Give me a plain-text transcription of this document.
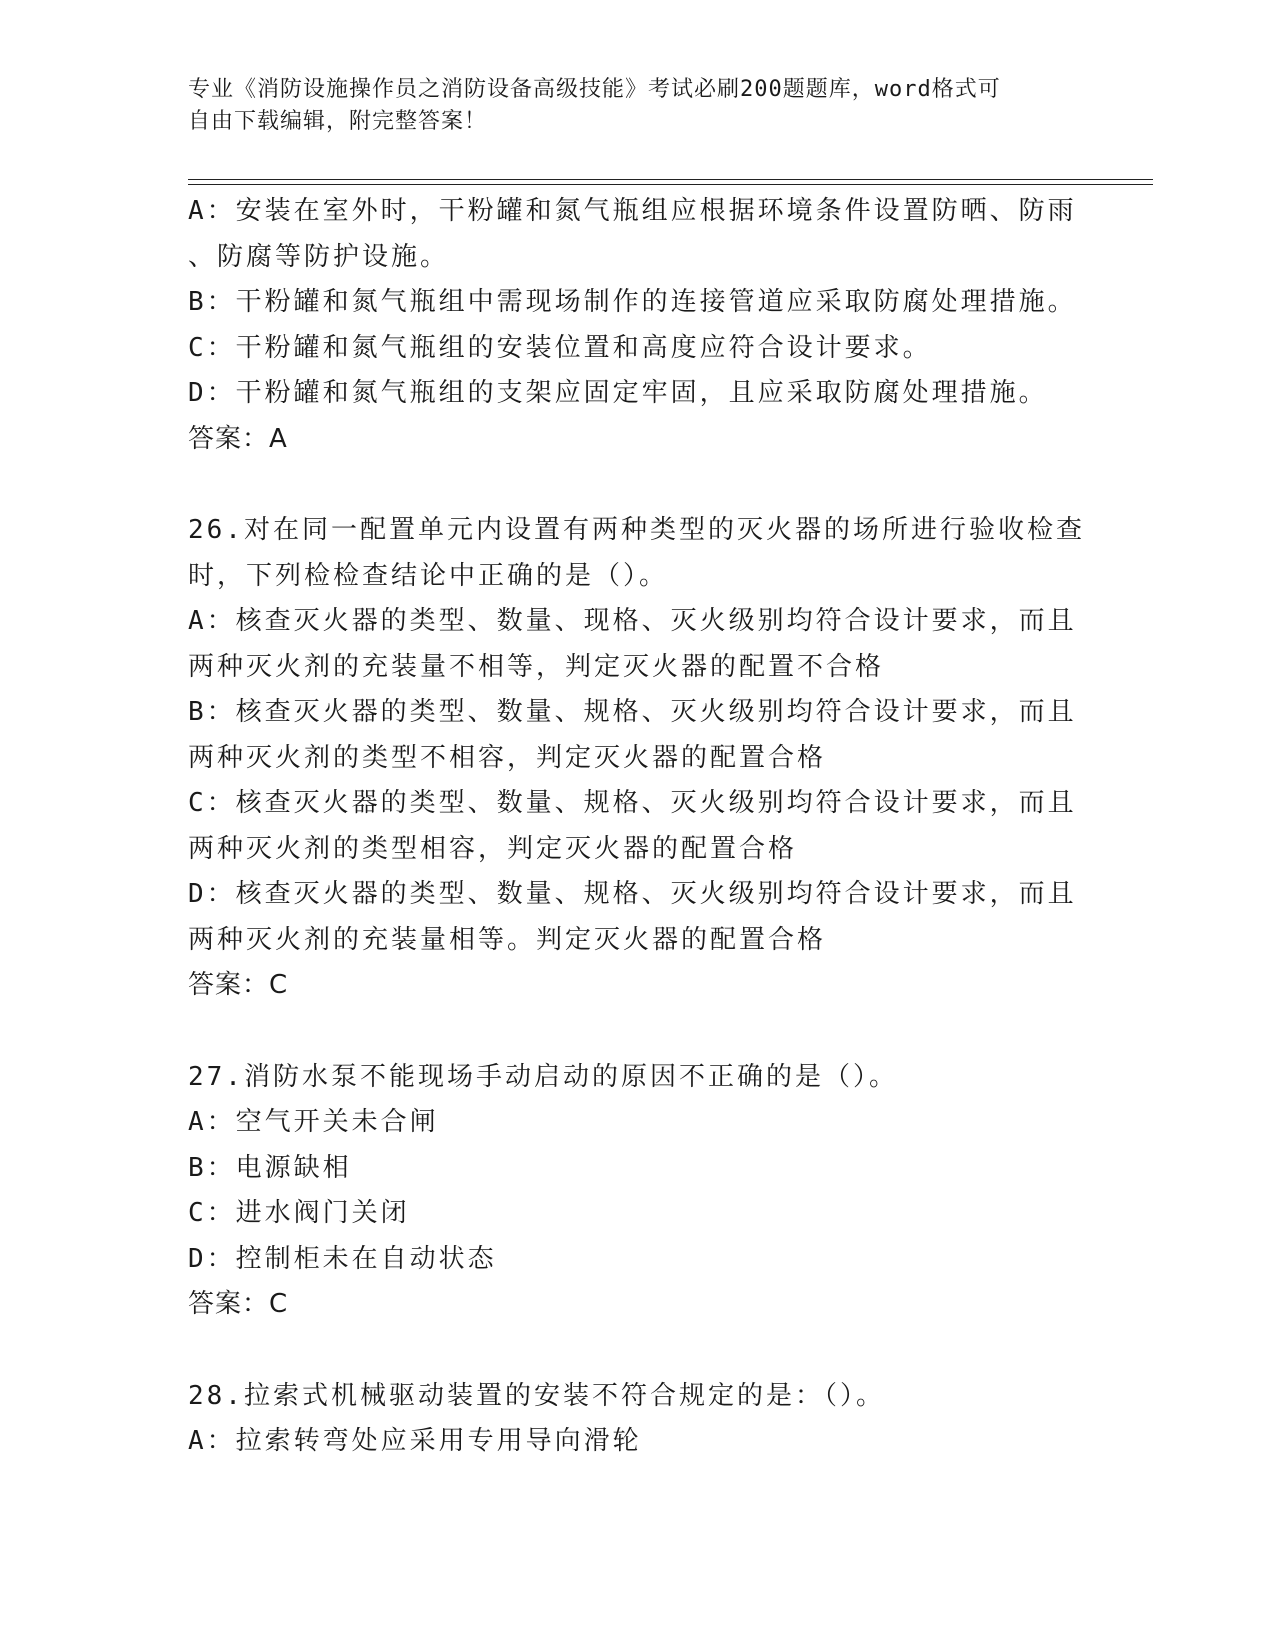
专业《消防设施操作员之消防设备高级技能》考试必刷200题题库，word格式可
自由下载编辑，附完整答案！
A：安装在室外时，干粉罐和氮气瓶组应根据环境条件设置防晒、防雨
、防腐等防护设施。
B：干粉罐和氮气瓶组中需现场制作的连接管道应采取防腐处理措施。
C：干粉罐和氮气瓶组的安装位置和高度应符合设计要求。
D：干粉罐和氮气瓶组的支架应固定牢固，且应采取防腐处理措施。
答案：A
26.对在同一配置单元内设置有两种类型的灭火器的场所进行验收检查
时，下列检检查结论中正确的是（）。
A：核查灭火器的类型、数量、现格、灭火级别均符合设计要求，而且
两种灭火剂的充装量不相等，判定灭火器的配置不合格
B：核查灭火器的类型、数量、规格、灭火级别均符合设计要求，而且
两种灭火剂的类型不相容，判定灭火器的配置合格
C：核查灭火器的类型、数量、规格、灭火级别均符合设计要求，而且
两种灭火剂的类型相容，判定灭火器的配置合格
D：核查灭火器的类型、数量、规格、灭火级别均符合设计要求，而且
两种灭火剂的充装量相等。判定灭火器的配置合格
答案：C
27.消防水泵不能现场手动启动的原因不正确的是（）。
A：空气开关未合闸
B：电源缺相
C：进水阀门关闭
D：控制柜未在自动状态
答案：C
28.拉索式机械驱动装置的安装不符合规定的是：（）。
A：拉索转弯处应采用专用导向滑轮
